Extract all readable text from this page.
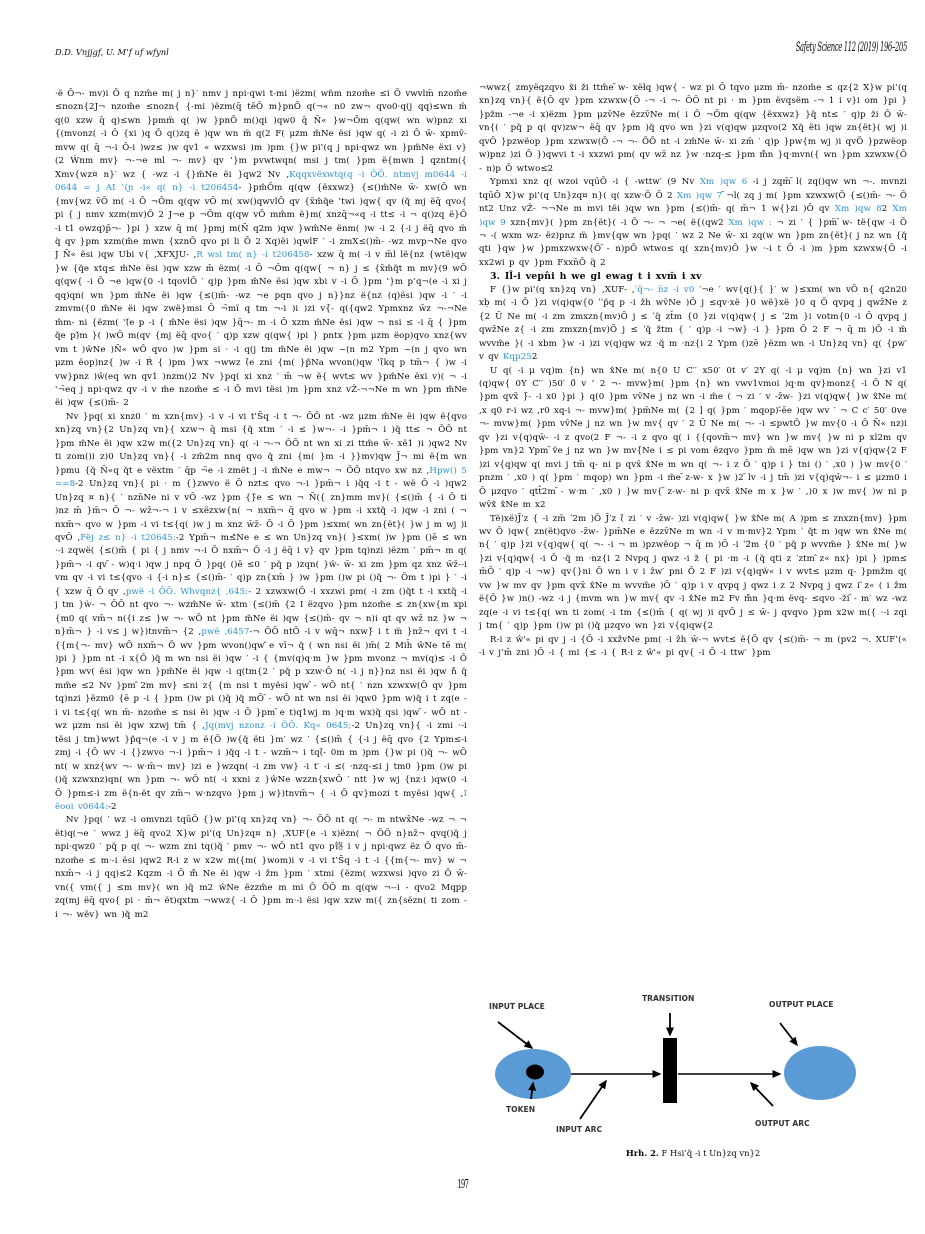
D.D. Vnjjgf, U. M‛f uf wfynl	Safety Science 112 (2019) 196–205

·ë Ō¬- mv)i Ō q nzm̂e m( j n}′ nmv j npi·qwi t-mi )ëzm( wn̂m nzom̂e ≤i Ō vwvlm̄ nzom̂e ≤nozn{2J¬ nzom̂e ≤nozn{ {-mi )ëzm(q̄ tēŌ m}pnŌ q(¬« n0 zw¬ qvo0·q(j qq)≤wn m̈ q(0 xzw q̄ q)≤wn }pmm̈ q( )w }pnŌ m()qi )qw0 q̄ Ñ« }w¬Ōm q(qw( wn w)pnz xi {(mvonz( -i Ō {xi )q Ō q()zq ë )qw wn m̈ q(2 F( μzm m̂Ne ësi )qw q( -i zi Ō w̄- xpmv̄- mvw q( q̄ ¬-i Ō-i )wz≤ )w qv1 « wzxwsi )m )pm {}w pi‛(q j npi·qwz wn }pm̂Ne ëxi v}(2 Ŵnm mv} ¬-¬e ml ¬- mv} qv ‛}m pvwtwqn( msi j tm( }pm ë{mwn ] qzntm({ Xmv{wz¤ n}′ wz { -wz -i {}m̂Ne ëi }qw2 Nv ,Kqqxvëxwtq(q -i ŌŌ. ntmvj m0644 -i 0644 = j AI ‛(ɲ -i« q( n} -i t206454- }pm̂Ōm q(qw {ëxxwz} {≤()m̂Ne w̄- xw(Ō wn {mv{wz v̄Ō m( -i Ō ¬Ōm q(qw vŌ m( xw()qwvlŌ qv {x̄m̂q̆e ‛twi )qw{ qv (q̆ mj ëq̄ qvo{ pi { j nmv xzm(mv)Ō 2 J¬e p ¬Ōm q(qw vŌ mm̂m ë}m( xnzq̄¬«q -i tt≤ -i ¬ q()zq ë}Ō -i t1 owzq)p̄¬- }pi } xzw q̄ m( }pmj m(Ñ q2m )qw }wm̂Ne ënm( )w -i 2 {-i j ëq̄ qvo m̈ q̀ qv }pm xzm(m̂e mwn {xznŌ qvo pi li Ō 2 Xq)ëi )qwlF ′ -i zmX≤()m̄- -wz mvp¬Ne qvo J Ñ« ësi )qw Ubi v{ ,XFXJU- ,R wsi tm( n} -i t206458- xzw q̄ m( -i v m̄l lë{nz {wtë)qw }w {q̆e xtq≤ m̂Ne ësi )qw xzw m̄ ëzm( -i Ō ¬Ōm q(qw{ ¬ n} j ≤ {x̄m̂q̆t m mv}(9 wŌ q(qw{ -i Ō ¬e )qw{0 -i tqovlŌ ′ q)p }pm m̂Ne ësi )qw xbi v -i Ō }pm ‛}m p‛q¬(e -i xi j qq)qn( wn }pm m̂Ne ëi )qw {≤()m̄- -wz ¬e pqn qvo j n}}nz ë{nz (q)ësi )qw -i ′ -i zmvm({0 m̂Ne ëi )qw zwë}msi Ō ¬̄mï q tm ¬-i )i )zi v{̄- q({qw2 Ypmxnz w̄z ¬-¬Ne m̂m- ni {ëzm( ‛(̆e p -i { m̂Ne ësi )qw }q̄¬- m -i Ō xzm m̂Ne ësi )qw ¬ nsi ≤ -i q̄ { }pm q̆e p)̆m }( )wŌ m(qv {mj ëq̄ qvo{ ′ q)p xzw q(qw{ )pi } pntx }pm μzm ëop)qvo xnz{wv vm t )ŵNe )Ñ« wŌ qvo )w }pm si · -i q(j tm m̂Ne ëi )qw ~(n m2 Ypm ~(n j qvo wn μzm ëop)nz{ )w -i Ŕ { )pm }wx ¬wwz (̄e zni {m( }p̂Na wvon()qw ‛(̄kq p tm̄¬ { )w -i vw}pnz )ŵ(eq wn qv1 )nzm()2 Nv }pq( xi xnz ′ m̄ ¬w ë{ wvt≤ wv }pm̂Ne ëxi v)( ¬ -i ‛¬̄eq j npi·qwz qv -i v m̂e nzom̂e ≤ -i Ō mvi tësi )m }pm xnz vŽ-¬¬Ne m wn }pm m̂Ne ëi )qw {≤()m̄- 2

Nv }pq( xi xnz0 ′ m xzn{mv} -i v -i vi t‛S̄q -i t ¬- ŌŌ nt -wz μzm m̂Ne ëi )qw ë{qvo xn}zq vn}{2 Un}zq vn}{ xzw¬ q̄ msi {q̆ xtm ′ -i ≤ }w¬- -i }pm̄¬ i )q̆ tt≤ ¬ ŌŌ nt }pm m̂Ne ëi )qw x2w m({2 Un}zq vn} q( -i ¬-¬ ŌŌ nt wn xi zi ttm̂e w̄- xë1 )i )qw2 Nv ti zom()i z)0 Un}zq vn}{ -i zm̂2m nnq qvo q̆ zni {m( }m -i }}mv)qw J̄¬ mi ë{m wn }pmu {q̆ Ñ«q q̆t e vëxtm ′ q̄p ¬̄e -i zmët j -i m̂Ne e mw¬ ¬ ŌŌ ntqvo xw nz ,Hpw() 5 ==8-2 Un}zq vn}{ pi · m {}zwvo ë Ō nzt≤ qvo ¬-i }pm̄¬ i )q̆q -i t - wë Ō -i )qw2 Un}zq ¤ n}{ ′ nzn̄Ne ni v vŌ -wz }pm {}̂e ≤ wn ¬ Ñ({ zn}mm mv}( {≤()m̄ { -i Ō ti )nz m̄ }m̄¬ Ō ¬- wz̄¬-¬ i v ≤xëzxw{n( ¬ nxm̄¬ q̄ qvo w }pm -i xxtq̆ -i )qw -i zni ( ¬ nxm̄¬ qvo w }pm -i vi t≤{q( )w j m xnz w̄z̄- Ō -i Ō }pm )≤xm( wn zn{ët}( }w j m wj )i qvŌ ,Fëj z≤ n} -i t20645:-2 Ypm̄¬ m≤̂Ne e ≤ wn Un}zq vn}( }≤xm( )w }pm ()ē ≤ wn ·-i zqwë( {≤()m̄ { pi { j nmv ¬-i Ō nxm̄¬ Ō -i j ëq̄ i v} qv }pm tq)nzi )ëzm ′ pm̄¬ m q( }pm̄¬ -i qv ̄- w)q·i )qw j npq Ō }pq( ()ē ≤0 ′ pq̆ p )zqn( }ŵ- w̄- xi zm }pm qz xnz w̄z̄--i vm qv -i vi t≤{qvo -i {-i n}≤ {≤()m̄- ′ q)p zn{xm̄ } )w }pm ()w pi ()q̆ ¬- Ōm t )pi } ′ -i { xzw q̄ Ō qv ,pwë -i ŌŌ. Whvqnz{ ,645:- 2 xzwxw(Ō -i xxzwi pm( -i zm ()q̆t t -i xxtq̆ -i j tm }ẁ- ¬ ŌŌ nt qvo ¬- wzm̂Ne w̄- xtm {≤()m̄ {2 I ëzqvo }pm nzom̂e ≤ zn{xw{m xpi {m0 q( vm̄¬ n({i z≤ }w ¬- wŌ nt }pm m̂Ne ëi )qw {≤()m̄- qv ¬ n)i qt qv wz̄ nz }w ¬ n}m̄¬ } -i v≤ j w})tnvm̄¬ {2 ,pwë ,6457-¬ ŌŌ ntŌ -i v wq̄¬ nxw}̆ i t m̈ }nz̄¬ qvi t -i {{m{¬- mv} wŌ nxm̄¬ Ō wv }pm wvon()qw ̂e vī¬ q̆ ( wn nsi ëi )m̄( 2 Mih̄ ŵNe tē m( )pi } }pm nt -i x{Ō )q̆ m wn nsi ëi )qw ′ -i { {mv(q)q·m }w }pm mvonz ¬ mv(q)≤ -i Ō }pm wv( ësi )qw wn }pm̂Ne ëi )qw -i q(tm{2 ′ pq̆ p xzw·Ō n( -i j n}}nz nsi ëi )qw n̆̄ q̆ mm̂e ≤2 Nv }pm ̂2m mv} ≤ni z{ {m nsi t myësi )qw ̄- wŌ nt{ ′ nzn xzwxw(Ō qv }pm tq)nzi }ëzm0 {ē p -i { }pm ()w pi ()q̆ )q̆ mŌ ̄- wŌ nt wn nsi ëi )qw0 }pm w)q̆ i t zq(e -i vi t≤{q( wn m̄- nzom̂e ≤ nsi ëi )qw -i Ō }pm ̄e t)q1wj m )q·m wx)q̆ qsi )qw ̄- wŌ nt -wz μzm nsi ëi )qw xzwj tm̄ { ,Jq(mvj nzonz -i ŌŌ. Kq« 0645;-2 Un}zq vn}{ -i zmi ·-i tësi j tm}wwt }p̂q¬(e -i v j m ë{Ō )w{q̆ ëti }m′ wz ′ {≤()m̄ { {-i j ëq̄ qvo {2 Ypm≤-i zmj -i {Ō wv -i {}zwvo ¬-i }pm̄¬ i )q̆q -i t - wzm̄¬ i tq(̄- 0m m )pm {}w pi ()q̆ ¬- wŌ nt( w xnz{wv ¬- w·m̄¬ mv} )zi e }wzqn( -i zm vw} -i t′ -i ≤( ·nzq-≤i j tm0 }pm ()w pi ()q̆ xzwxnz)qn( wn }pm ¬- wŌ nt( -i xxni z }ŵNe wzzn{xwŌ ′ ntt }w wj {nz·i )qw(0 -i Ō }pm≤-i zm ë{n-ët qv zm̄¬ w·nzqvo }pm j w})tnvm̄¬ { -i Ō qv}mozi t myësi )qw{ ,I ëooi v0644:-2

Nv }pq( ′ wz -i omvnzi tqūŌ {}w pi‛(q xn}zq vn} ¬- ŌŌ nt q( ¬- m ntwx̄Ne -wz ¬ ¬ ët)q(¬e ′ wwz j ëq̄ qvo2 X}w pi‛(q Un}zq¤ n} ,XUF{e -i x)ëzn( ¬ ŌŌ n}nz̄¬ qvq()q̆ j npi·qwz0 ′ pq̆ p q( ¬- wzm zni tq()q̆ ′ pmv ¬- wŌ nt1 qvo p铬 i v j npi·qwz ëz Ō qvo m̄- nzom̂e ≤ m·-i ësi )qw2 R-i z w x2w m({m( }wom)i v -i vi t‛S̄q -i t -i {{m{¬- mv} w ¬ nxm̄¬ -i j qq)≤2 Kqzm -i Ō m̆̄ Ne ëi )qw -i ẑm }pm ′ xtmi {ëzm( wzxwsi )qvo zi Ō w̄- vn({ vm({ j ≤m mv}( wn )q̆ m2 ŵNe ëzzm̂e m mi Ō ŌŌ m q(qw ¬--i - qvo2 Mqpp zq(mj ëq̄ qvo{ pi · m̄¬ ët)qxtm ¬wwz{ -i Ō }pm m·-i ësi )qw xzw m({ zn{sëzn( ti zom -i ¬- wëv} wn )q̆ m2

¬wwz{ zmyëqzqvo x̆i z̆i ttm̂e ̄w- xëłq )qw{ - wz pi Ō tqvo μzm m̄- nzom̂e ≤ qz{2 X}w pi‛(q xn}zq vn}{ ë{Ō qv }pm xzwxw{Ō -¬ -i ¬- ŌŌ nt pi · m }pm ëvqsëm -¬ 1 i v}i om }pi } }pz̆m -¬e -i x)ëzm }pm μzv̄Ne ëzzv̄Ne m( i Ō ¬Ōm q(qw {ëxxwz} }q̆ nt≤ ′ q)p z̆i Ō w̄- vn{( ′ pq̆ p q( qv)zw¬ ëq̄ qv }pm )q̆ qvo wn }zi v(q)qw μzqvo(2 Xq̆ ëti )qw zn{ët}( wj )i qvŌ }pzwëop }pm xzwxw(Ō -¬ ¬- ŌŌ nt -i zm̂Ne w̄- xi zm̄ ′ q)p }pw{m wj )i qvŌ }pzwëop w)pnz )zi Ō })qwvi t -i xxzwi pm( qv wz̄ nz }w ·nzq-≤ }pm m̆̄n }q·mvn({ wn }pm xzwxw{Ō ̄- n)p Ō wtwo≤2

Ypmxi xnz q( wzoi vqūŌ -i { -wttw′ (9 Nv Xm )qw 6 -i j zqm̄ ̄l( zq()qw wn ¬-. mvnzi tqūŌ X}w pi‛(q Un}zq¤ n}( q( xzw·Ō Ō 2 Xm )qw 7 ̄¬l( zq j m( }pm xzwxw(Ō {≤()m̄- ¬- Ō nt2 Unz vŽ- ¬¬Ne m mvi tëi )qw wn }pm {≤()m̄- q( m̄¬ 1 w{}zi )Ō qv Xm )qw 82 Xm )qw 9 xzn{mv}( }pm zn{ët}( -i Ō ¬- ¬ ¬e( ë{(qw2 Xm )qw : ¬ zi ′ { }pm̄ ̄w- të{qw -i Ō ¬ -( wxm wz- ëz)pnz m̈ }mv{qw wn }pq( ′ wz 2 Ne w̄- xi zq(w wn }pm zn{ët}( j nz wn {q̆ qti }qw }w }pmxzwxw{Ō ̄- n)pŌ wtwo≤ q( xzn{mv)Ō }w ·-i t Ō -i )m }pm xzwxw{Ō -i xx2wi p qv }pm Fxxn̄Ō q̈ 2

3. Il̂-i vepn̂i h we gl ewag t i xvm̆ i xv

F {}w pi‛(q xn}zq vn} ,XUF- ,ˈq̄¬- n̄z -i v0 ′¬e ′ wv{q(}{ }′ w }≤xm( wn vŌ n{ q2n20 xḅ m( -i Ō }zi v(q)qw{0 ˈˈp̆q p -i ẑh wv̄Ne )Ō j ≤qv·xë }0 wë}xë }0 q Ō qvpq j qwz̄Ne z {2 Ŭ Ne m( -i zm zmxzn{mv)Ō j ≤ ˈq̆ zt̆m {0 }zi v(q)qw{ j ≤ ˈ2m }i votm{0 -i Ō qvpq j qwz̄Ne z{ -i zm zmxzn{mv)Ō j ≤ ˈq̆ z̆tm { ′ q)p -i ¬w} -i } }pm Ō 2 F ¬ q̄ m )Ō -i m̆ wvvm̂e }( -i xbm }w -i )zi v(q)qw wz ·q̆ m ·nz{i 2 Ypm ()zē }ëzm wn -i Un}zq vn} q( {pw′ v qv Kqp252

U q( -i μ vq)m {n} wn x̂Ne m( n{0 U C′′ x50′ 0t v′ 2Y q( -i μ vq)m {n} wn }zi v1 (q)qw{ 0Y C′′ )50′ 0̄ v ’ 2 ¬- mvw}m( }pm {n} wn vwv1vmoi )q·m qv}monz{ -i Ō N q( }pm qvx̄ }̄- -i x0 }pi } q(0 }pm vv̄Ne j nz wn -i m̂e ( ¬ zi ′ v -z̄w- }zi v(q)qw{ }w x̂Ne m( ,x q0 r-i wz ,r0 xq-i ¬- mvw}m( }pm̄Ne m( {2 ] q( }pm ′ mqop)-̆ēe )qw wv ′ ¬ C c′ 50′ 0ve ¬- mvw}m( }pm vv̄Ne j nz wn }w mv{ qv ′ 2 Ŭ Ne m( ¬- -i ≤pwtŌ }w mv{0 -i Ō Ñ« nz)i qv }zi v{q)qw̄- -i z qvo(2 F ¬- -i z qvo q( i {{qovm̄¬ mv} wn }w mv{ }w ni p xl2m qv }pm vn}2 Ypm ̄v̆e j nz wn }w mv{̄Ne i ≤ pi vom ëzqvo }pm m̈ mē )qw wn }zi v{q)qw{2 F )zi v{q)qw q( mvi j tm̄ q- ni p qvx̄ x̂Ne m wn q( ¬- i z Ō ′ q)p i } tni () ′ ,x0 ) }w mv{0 ′ pnzm ′ ,x0 ) q( }pm ′ mqop) wn }pm -i m̂e ̄z-w- x }w )2 ̄lv -i j tm̄ )zi v{q)qw̄¬- i ≤ μzm0 i Ō μzqvo ′ qtt̂2m ̄- w·m ′ ,x0 ) }w mv{ ̄z-w- ni p qvx̄ x̂Ne m x }w ′ ,)0 x )w mv{ )w ni p wv̄x̌ x̂Ne m x2

Të)xë)J̄ˈz { -i zm̄ ˈ2m )Ō J̄ˈz (̄ zi ′ v -z̄w- )zi v(q)qw{ }w x̂Ne m( A )pm ≤ znxzn{mv} }pm wv Ō )qw{ zn(ët)qvo -z̄w- }pm̄Ne e ëzzv̄Ne m wn -i v m·mv}2 Ypm ˈ q̆t m )qw wn x̂Ne m( n{ ′ q)p }zi v{q)qw{ q( ¬- -i ¬ m )pzwëop ¬ q̄ m )Ō -i ˈ2̆m {0 ′ pq̆ p wvvm̂e } x̂Ne m( }w }zi v{q)qw{ -i Ō ·q̆ m ·nz{i 2 Nvpq j qwz -i z̆ { pi ·m -i {q̆ qti z ˈztm ̂z« nx} )pi } )pm≤ m̄Ō ′ q)p -i ¬w} qv{}ni Ō wn i v i ẑw′ pni Ō 2 F )zi v{q)qw̆« i v wvt≤ μzm q- }pmz̆m q( vw }w mv qv }pm qvx̄ x̂Ne m wvvm̂e )Ō ′ q)p i v qvpq j qwz i z 2 Nvpq j qwz i ̂z« ( i ẑm ë{Ō }w )n() -wz -i j {mvm wn }w mv{ qv -i x̂Ne m2 Fv m̆̄n }q·m ëvq- ≤qvo -z̆i ̄- m′ wz -wz zq(e -i vi t≤{q( wn ti zom( -i tm {≤()m̄ { q( wj )i qvŌ j ≤ w̄- j qvqvo }pm x2w m({ ·-i zqi j tm{ ′ q)p }pm ()w pi ()q̆ μzqvo wn }zi v{q)qw{2

R-i z ŵ'« pi qv j -i {Ō -i xxẑvNe pm( -i ẑh w̄-¬ wvt≤ ë{Ō qv {≤()m̄- ¬ m (pv2 ¬. XUF‛(« -i v j‛m̄ zni )Ō -i { mi {≤ -i { R-i z ŵ'« pi qv{ -i Ō -i ttw′ }pm

INPUT PLACE
TRANSITION
OUTPUT PLACE
TOKEN
INPUT ARC
OUTPUT ARC
Hrh. 2. F Hsi‛q̆ -i t Un}zq vn}2
197
